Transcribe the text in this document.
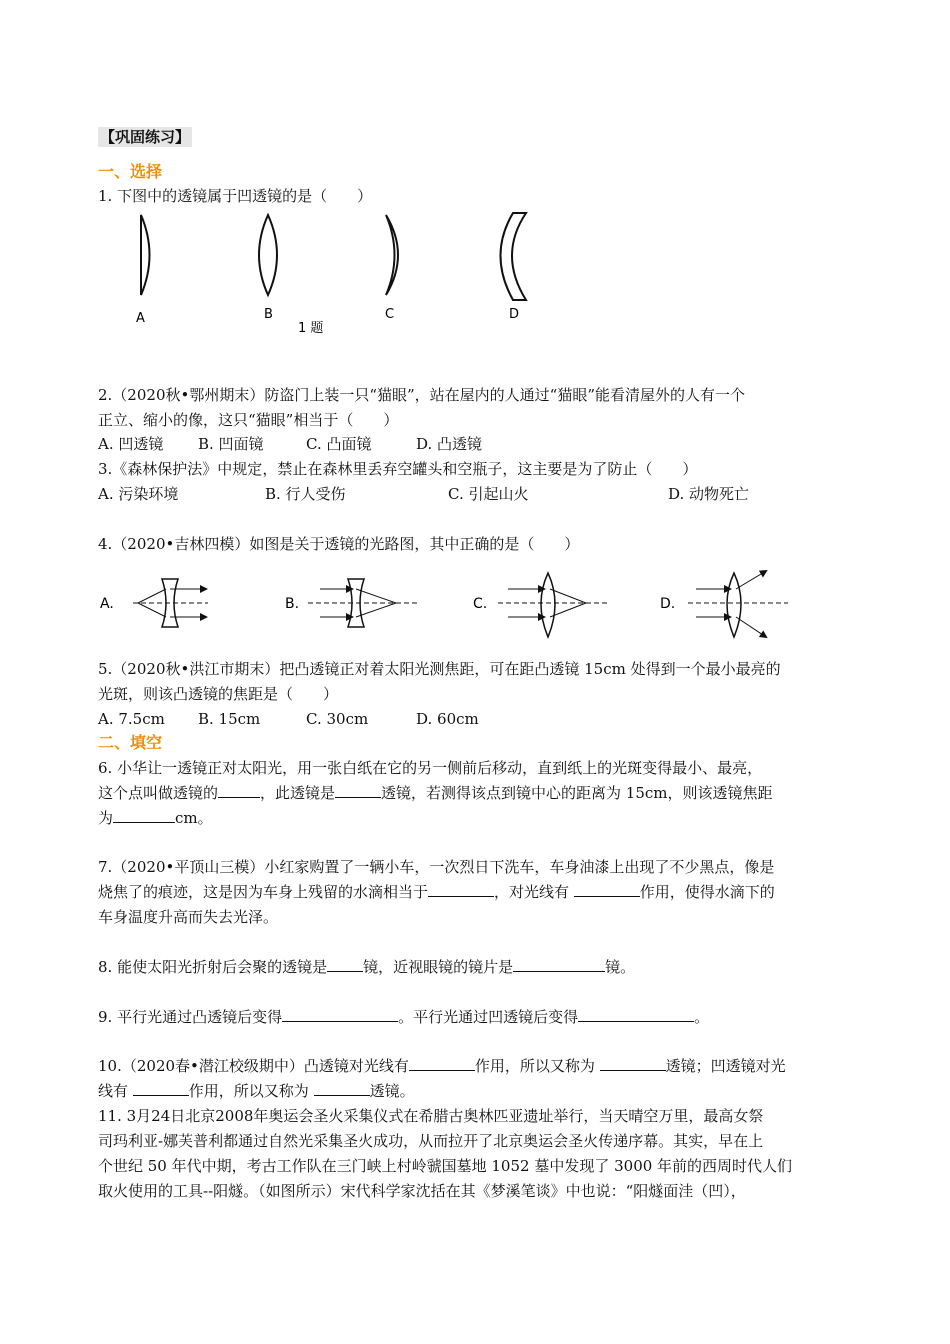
【巩固练习】
一、选择
1. 下图中的透镜属于凹透镜的是（　　）
A	B	C	D
1 题
2.（2020秋•鄂州期末）防盗门上装一只“猫眼”，站在屋内的人通过“猫眼”能看清屋外的人有一个
正立、缩小的像，这只“猫眼”相当于（　　）
A. 凹透镜 B. 凹面镜	C. 凸面镜	D. 凸透镜
3.《森林保护法》中规定，禁止在森林里丢弃空罐头和空瓶子，这主要是为了防止（　　）
A. 污染环境	B. 行人受伤	C. 引起山火	D. 动物死亡
4.（2020•吉林四模）如图是关于透镜的光路图，其中正确的是（　　）
A.	B.	C.	D.
5.（2020秋•洪江市期末）把凸透镜正对着太阳光测焦距，可在距凸透镜 15cm 处得到一个最小最亮的
光斑，则该凸透镜的焦距是（　　）
A. 7.5cm B. 15cm	C. 30cm	D. 60cm
二、填空
6. 小华让一透镜正对太阳光，用一张白纸在它的另一侧前后移动，直到纸上的光斑变得最小、最亮，
这个点叫做透镜的	，此透镜是	透镜，若测得该点到镜中心的距离为 15cm，则该透镜焦距
为	cm。
7.（2020•平顶山三模）小红家购置了一辆小车，一次烈日下洗车，车身油漆上出现了不少黑点，像是
烧焦了的痕迹，这是因为车身上残留的水滴相当于	，对光线有	作用，使得水滴下的
车身温度升高而失去光泽。
8. 能使太阳光折射后会聚的透镜是 镜，近视眼镜的镜片是	镜。
9. 平行光通过凸透镜后变得	。平行光通过凹透镜后变得	。
10.（2020春•潜江校级期中）凸透镜对光线有	作用，所以又称为	透镜；凹透镜对光
线有	作用，所以又称为	透镜。
11. 3月24日北京2008年奥运会圣火采集仪式在希腊古奥林匹亚遗址举行，当天晴空万里，最高女祭
司玛利亚-娜芙普利都通过自然光采集圣火成功，从而拉开了北京奥运会圣火传递序幕。其实，早在上
个世纪 50 年代中期，考古工作队在三门峡上村岭虢国墓地 1052 墓中发现了 3000 年前的西周时代人们
取火使用的工具--阳燧。（如图所示）宋代科学家沈括在其《梦溪笔谈》中也说：“阳燧面洼（凹），
